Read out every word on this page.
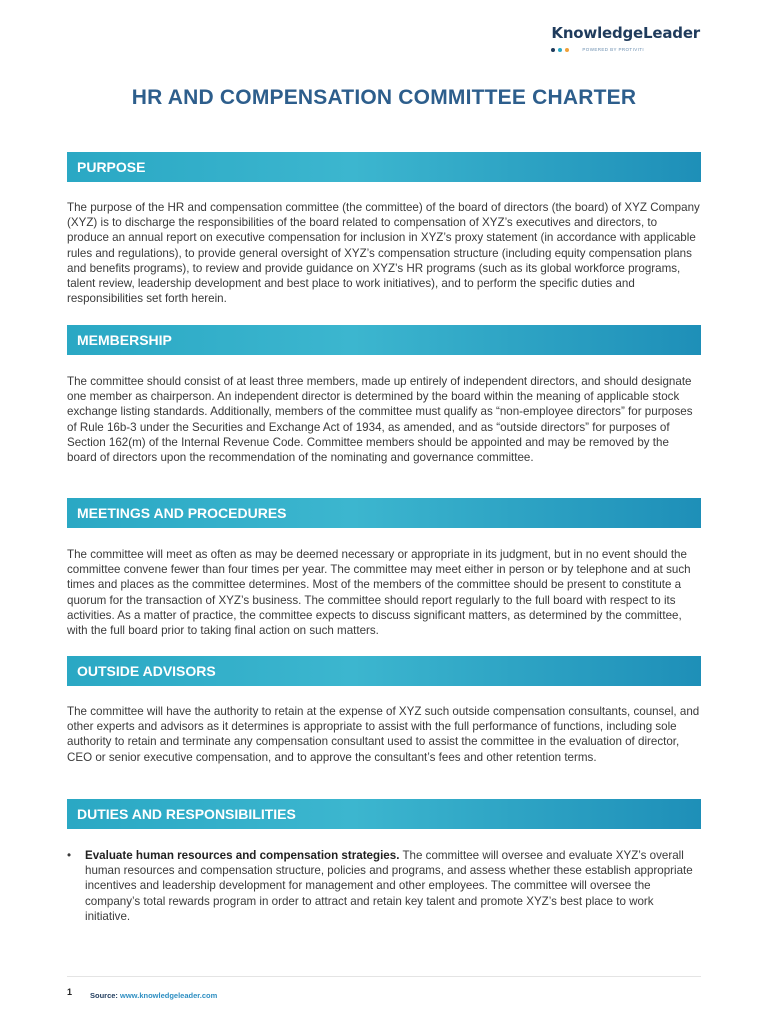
KnowledgeLeader
POWERED BY PROTIVITI
HR AND COMPENSATION COMMITTEE CHARTER
PURPOSE

The purpose of the HR and compensation committee (the committee) of the board of directors (the board) of XYZ Company (XYZ) is to discharge the responsibilities of the board related to compensation of XYZ’s executives and directors, to produce an annual report on executive compensation for inclusion in XYZ’s proxy statement (in accordance with applicable rules and regulations), to provide general oversight of XYZ’s compensation structure (including equity compensation plans and benefits programs), to review and provide guidance on XYZ’s HR programs (such as its global workforce programs, talent review, leadership development and best place to work initiatives), and to perform the specific duties and responsibilities set forth herein.

MEMBERSHIP

The committee should consist of at least three members, made up entirely of independent directors, and should designate one member as chairperson. An independent director is determined by the board within the meaning of applicable stock exchange listing standards. Additionally, members of the committee must qualify as “non-employee directors” for purposes of Rule 16b-3 under the Securities and Exchange Act of 1934, as amended, and as “outside directors” for purposes of Section 162(m) of the Internal Revenue Code. Committee members should be appointed and may be removed by the board of directors upon the recommendation of the nominating and governance committee.

MEETINGS AND PROCEDURES

The committee will meet as often as may be deemed necessary or appropriate in its judgment, but in no event should the committee convene fewer than four times per year. The committee may meet either in person or by telephone and at such times and places as the committee determines. Most of the members of the committee should be present to constitute a quorum for the transaction of XYZ’s business. The committee should report regularly to the full board with respect to its activities. As a matter of practice, the committee expects to discuss significant matters, as determined by the committee, with the full board prior to taking final action on such matters.

OUTSIDE ADVISORS

The committee will have the authority to retain at the expense of XYZ such outside compensation consultants, counsel, and other experts and advisors as it determines is appropriate to assist with the full performance of functions, including sole authority to retain and terminate any compensation consultant used to assist the committee in the evaluation of director, CEO or senior executive compensation, and to approve the consultant’s fees and other retention terms.

DUTIES AND RESPONSIBILITIES
• Evaluate human resources and compensation strategies. The committee will oversee and evaluate XYZ’s overall human resources and compensation structure, policies and programs, and assess whether these establish appropriate incentives and leadership development for management and other employees. The committee will oversee the company’s total rewards program in order to attract and retain key talent and promote XYZ’s best place to work initiative.
1 Source: www.knowledgeleader.com
